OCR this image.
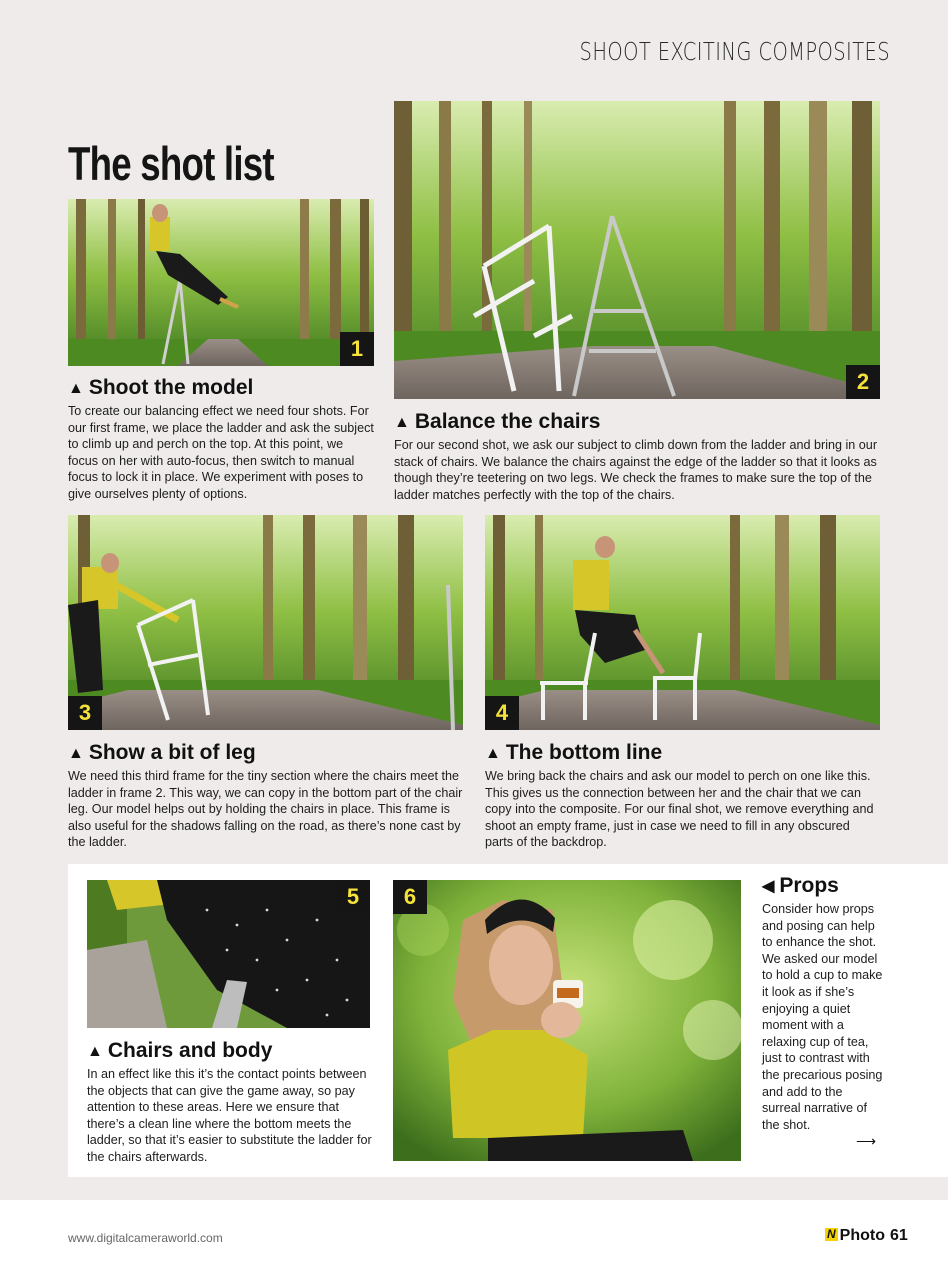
SHOOT EXCITING COMPOSITES
The shot list
1
2
▲ Shoot the model
To create our balancing effect we need four shots. For our first frame, we place the ladder and ask the subject to climb up and perch on the top. At this point, we focus on her with auto-focus, then switch to manual focus to lock it in place. We experiment with poses to give ourselves plenty of options.
▲ Balance the chairs
For our second shot, we ask our subject to climb down from the ladder and bring in our stack of chairs. We balance the chairs against the edge of the ladder so that it looks as though they’re teetering on two legs. We check the frames to make sure the top of the ladder matches perfectly with the top of the chairs.
3	4
▲ Show a bit of leg
We need this third frame for the tiny section where the chairs meet the ladder in frame 2. This way, we can copy in the bottom part of the chair leg. Our model helps out by holding the chairs in place. This frame is also useful for the shadows falling on the road, as there’s none cast by the ladder.
▲ The bottom line
We bring back the chairs and ask our model to perch on one like this. This gives us the connection between her and the chair that we can copy into the composite. For our final shot, we remove everything and shoot an empty frame, just in case we need to fill in any obscured parts of the backdrop.
5
▲ Chairs and body
In an effect like this it’s the contact points between the objects that can give the game away, so pay attention to these areas. Here we ensure that there’s a clean line where the bottom meets the ladder, so that it’s easier to substitute the ladder for the chairs afterwards.
6	◀ Props
Consider how props and posing can help to enhance the shot. We asked our model to hold a cup to make it look as if she’s enjoying a quiet moment with a relaxing cup of tea, just to contrast with the precarious posing and add to the surreal narrative of the shot.
⟶
www.digitalcameraworld.com	N Photo 61
